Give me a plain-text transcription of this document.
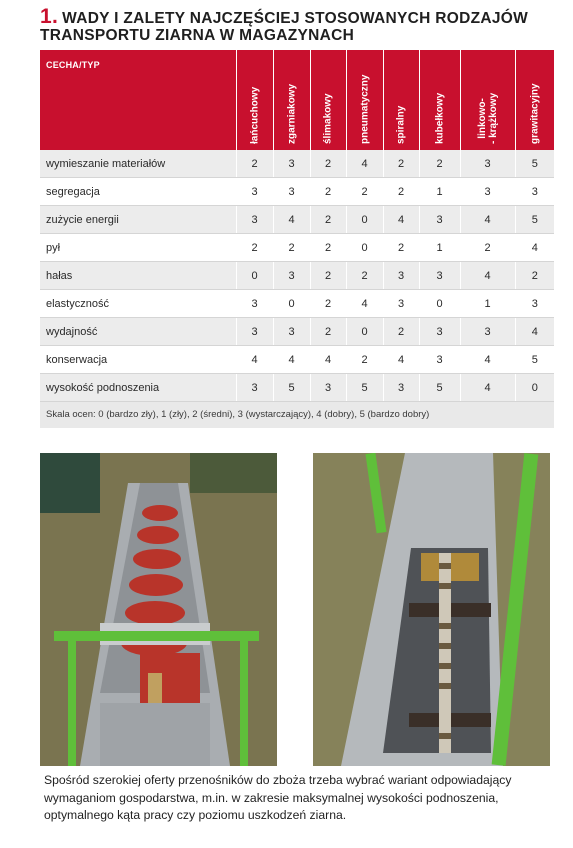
1. WADY I ZALETY NAJCZĘŚCIEJ STOSOWANYCH RODZAJÓW
TRANSPORTU ZIARNA W MAGAZYNACH
CECHA/TYP	łańcuchowy	zgarniakowy	ślimakowy	pneumatyczny	spiralny	kubełkowy	linkowo-
- krążkowy	grawitacyjny

wymieszanie materiałów	2	3	2	4	2	2	3	5
segregacja	3	3	2	2	2	1	3	3
zużycie energii	3	4	2	0	4	3	4	5
pył	2	2	2	0	2	1	2	4
hałas	0	3	2	2	3	3	4	2
elastyczność	3	0	2	4	3	0	1	3
wydajność	3	3	2	0	2	3	3	4
konserwacja	4	4	4	2	4	3	4	5
wysokość podnoszenia	3	5	3	5	3	5	4	0
Skala ocen: 0 (bardzo zły), 1 (zły), 2 (średni), 3 (wystarczający), 4 (dobry), 5 (bardzo dobry)								
Spośród szerokiej oferty przenośników do zboża trzeba wybrać wariant odpowiadający wymaganiom gospodarstwa, m.in. w zakresie maksymalnej wysokości podnoszenia, optymalnego kąta pracy czy poziomu uszkodzeń ziarna.
